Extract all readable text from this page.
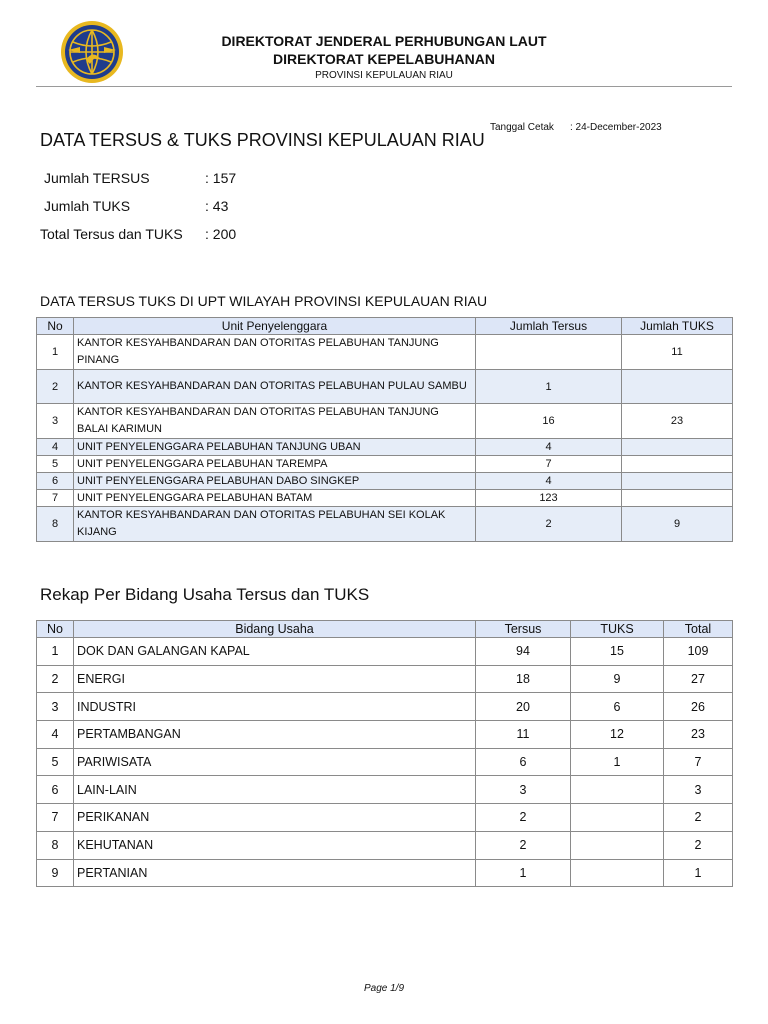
DIREKTORAT JENDERAL PERHUBUNGAN LAUT
DIREKTORAT KEPELABUHANAN
PROVINSI KEPULAUAN RIAU
Tanggal Cetak : 24-December-2023
DATA TERSUS & TUKS PROVINSI KEPULAUAN RIAU
Jumlah TERSUS	: 157
Jumlah TUKS	: 43
Total Tersus dan TUKS : 200
DATA TERSUS TUKS DI UPT WILAYAH PROVINSI KEPULAUAN RIAU
No	Unit Penyelenggara	Jumlah Tersus	Jumlah TUKS
1	KANTOR KESYAHBANDARAN DAN OTORITAS PELABUHAN TANJUNG PINANG		11
2	KANTOR KESYAHBANDARAN DAN OTORITAS PELABUHAN PULAU SAMBU	1	
3	KANTOR KESYAHBANDARAN DAN OTORITAS PELABUHAN TANJUNG BALAI KARIMUN	16	23
4	UNIT PENYELENGGARA PELABUHAN TANJUNG UBAN	4	
5	UNIT PENYELENGGARA PELABUHAN TAREMPA	7	
6	UNIT PENYELENGGARA PELABUHAN DABO SINGKEP	4	
7	UNIT PENYELENGGARA PELABUHAN BATAM	123	
8	KANTOR KESYAHBANDARAN DAN OTORITAS PELABUHAN SEI KOLAK KIJANG	2	9
Rekap Per Bidang Usaha Tersus dan TUKS
No	Bidang Usaha	Tersus	TUKS	Total
1	DOK DAN GALANGAN KAPAL	94	15	109
2	ENERGI	18	9	27
3	INDUSTRI	20	6	26
4	PERTAMBANGAN	11	12	23
5	PARIWISATA	6	1	7
6	LAIN-LAIN	3		3
7	PERIKANAN	2		2
8	KEHUTANAN	2		2
9	PERTANIAN	1		1
Page 1/9
